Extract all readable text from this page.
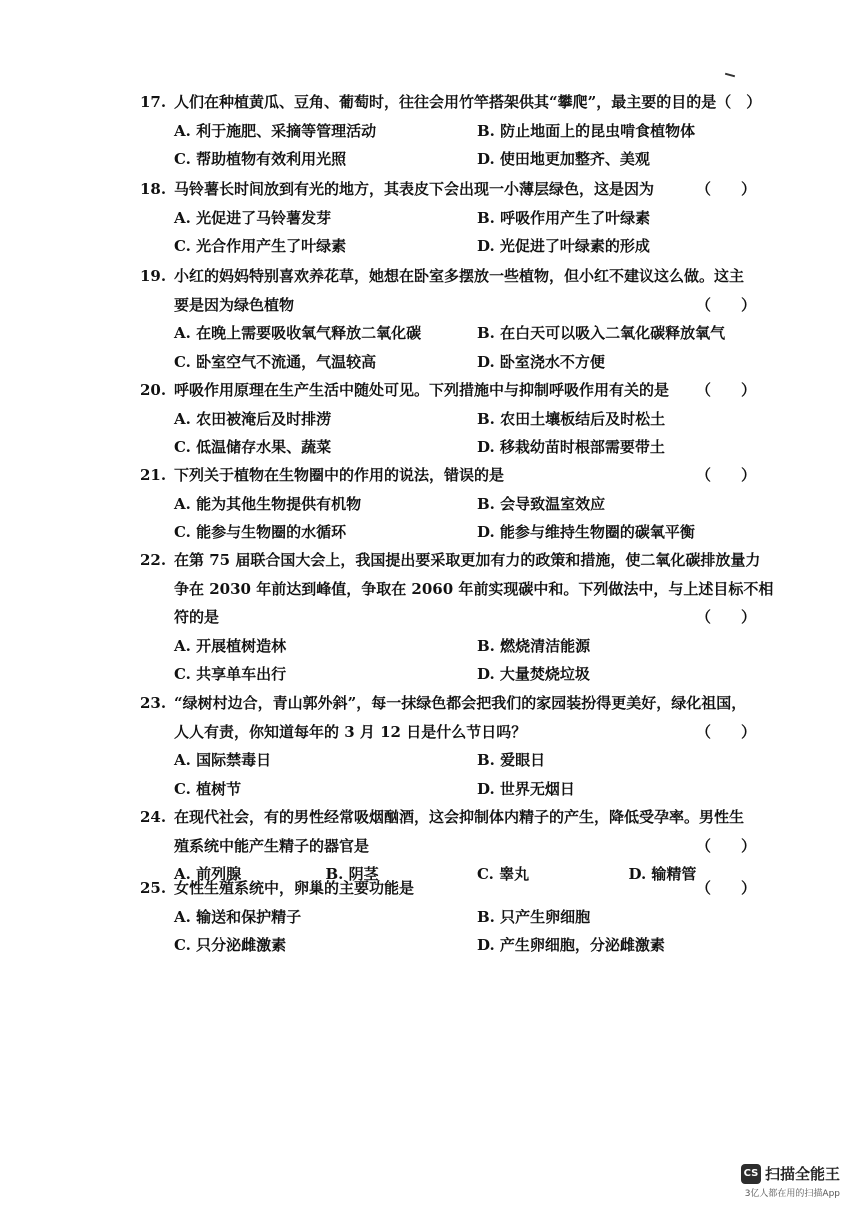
17. 人们在种植黄瓜、豆角、葡萄时，往往会用竹竿搭架供其“攀爬”，最主要的目的是（　）
A. 利于施肥、采摘等管理活动	B. 防止地面上的昆虫啃食植物体
C. 帮助植物有效利用光照	D. 使田地更加整齐、美观
18. 马铃薯长时间放到有光的地方，其表皮下会出现一小薄层绿色，这是因为	（　　）
A. 光促进了马铃薯发芽	B. 呼吸作用产生了叶绿素
C. 光合作用产生了叶绿素	D. 光促进了叶绿素的形成
19. 小红的妈妈特别喜欢养花草，她想在卧室多摆放一些植物，但小红不建议这么做。这主
要是因为绿色植物	（　　）
A. 在晚上需要吸收氧气释放二氧化碳	B. 在白天可以吸入二氧化碳释放氧气
C. 卧室空气不流通，气温较高	D. 卧室浇水不方便
20. 呼吸作用原理在生产生活中随处可见。下列措施中与抑制呼吸作用有关的是	（　　）
A. 农田被淹后及时排涝	B. 农田土壤板结后及时松土
C. 低温储存水果、蔬菜	D. 移栽幼苗时根部需要带土
21. 下列关于植物在生物圈中的作用的说法，错误的是	（　　）
A. 能为其他生物提供有机物	B. 会导致温室效应
C. 能参与生物圈的水循环	D. 能参与维持生物圈的碳氧平衡
22. 在第 75 届联合国大会上，我国提出要采取更加有力的政策和措施，使二氧化碳排放量力
争在 2030 年前达到峰值，争取在 2060 年前实现碳中和。下列做法中，与上述目标不相
符的是	（　　）
A. 开展植树造林	B. 燃烧清洁能源
C. 共享单车出行	D. 大量焚烧垃圾
23. “绿树村边合，青山郭外斜”，每一抹绿色都会把我们的家园装扮得更美好，绿化祖国，
人人有责，你知道每年的 3 月 12 日是什么节日吗？	（　　）
A. 国际禁毒日	B. 爱眼日
C. 植树节	D. 世界无烟日
24. 在现代社会，有的男性经常吸烟酗酒，这会抑制体内精子的产生，降低受孕率。男性生
殖系统中能产生精子的器官是	（　　）
A. 前列腺	B. 阴茎	C. 睾丸	D. 输精管
25. 女性生殖系统中，卵巢的主要功能是	（　　）
A. 输送和保护精子	B. 只产生卵细胞
C. 只分泌雌激素	D. 产生卵细胞，分泌雌激素
CS 扫描全能王
3亿人都在用的扫描App
